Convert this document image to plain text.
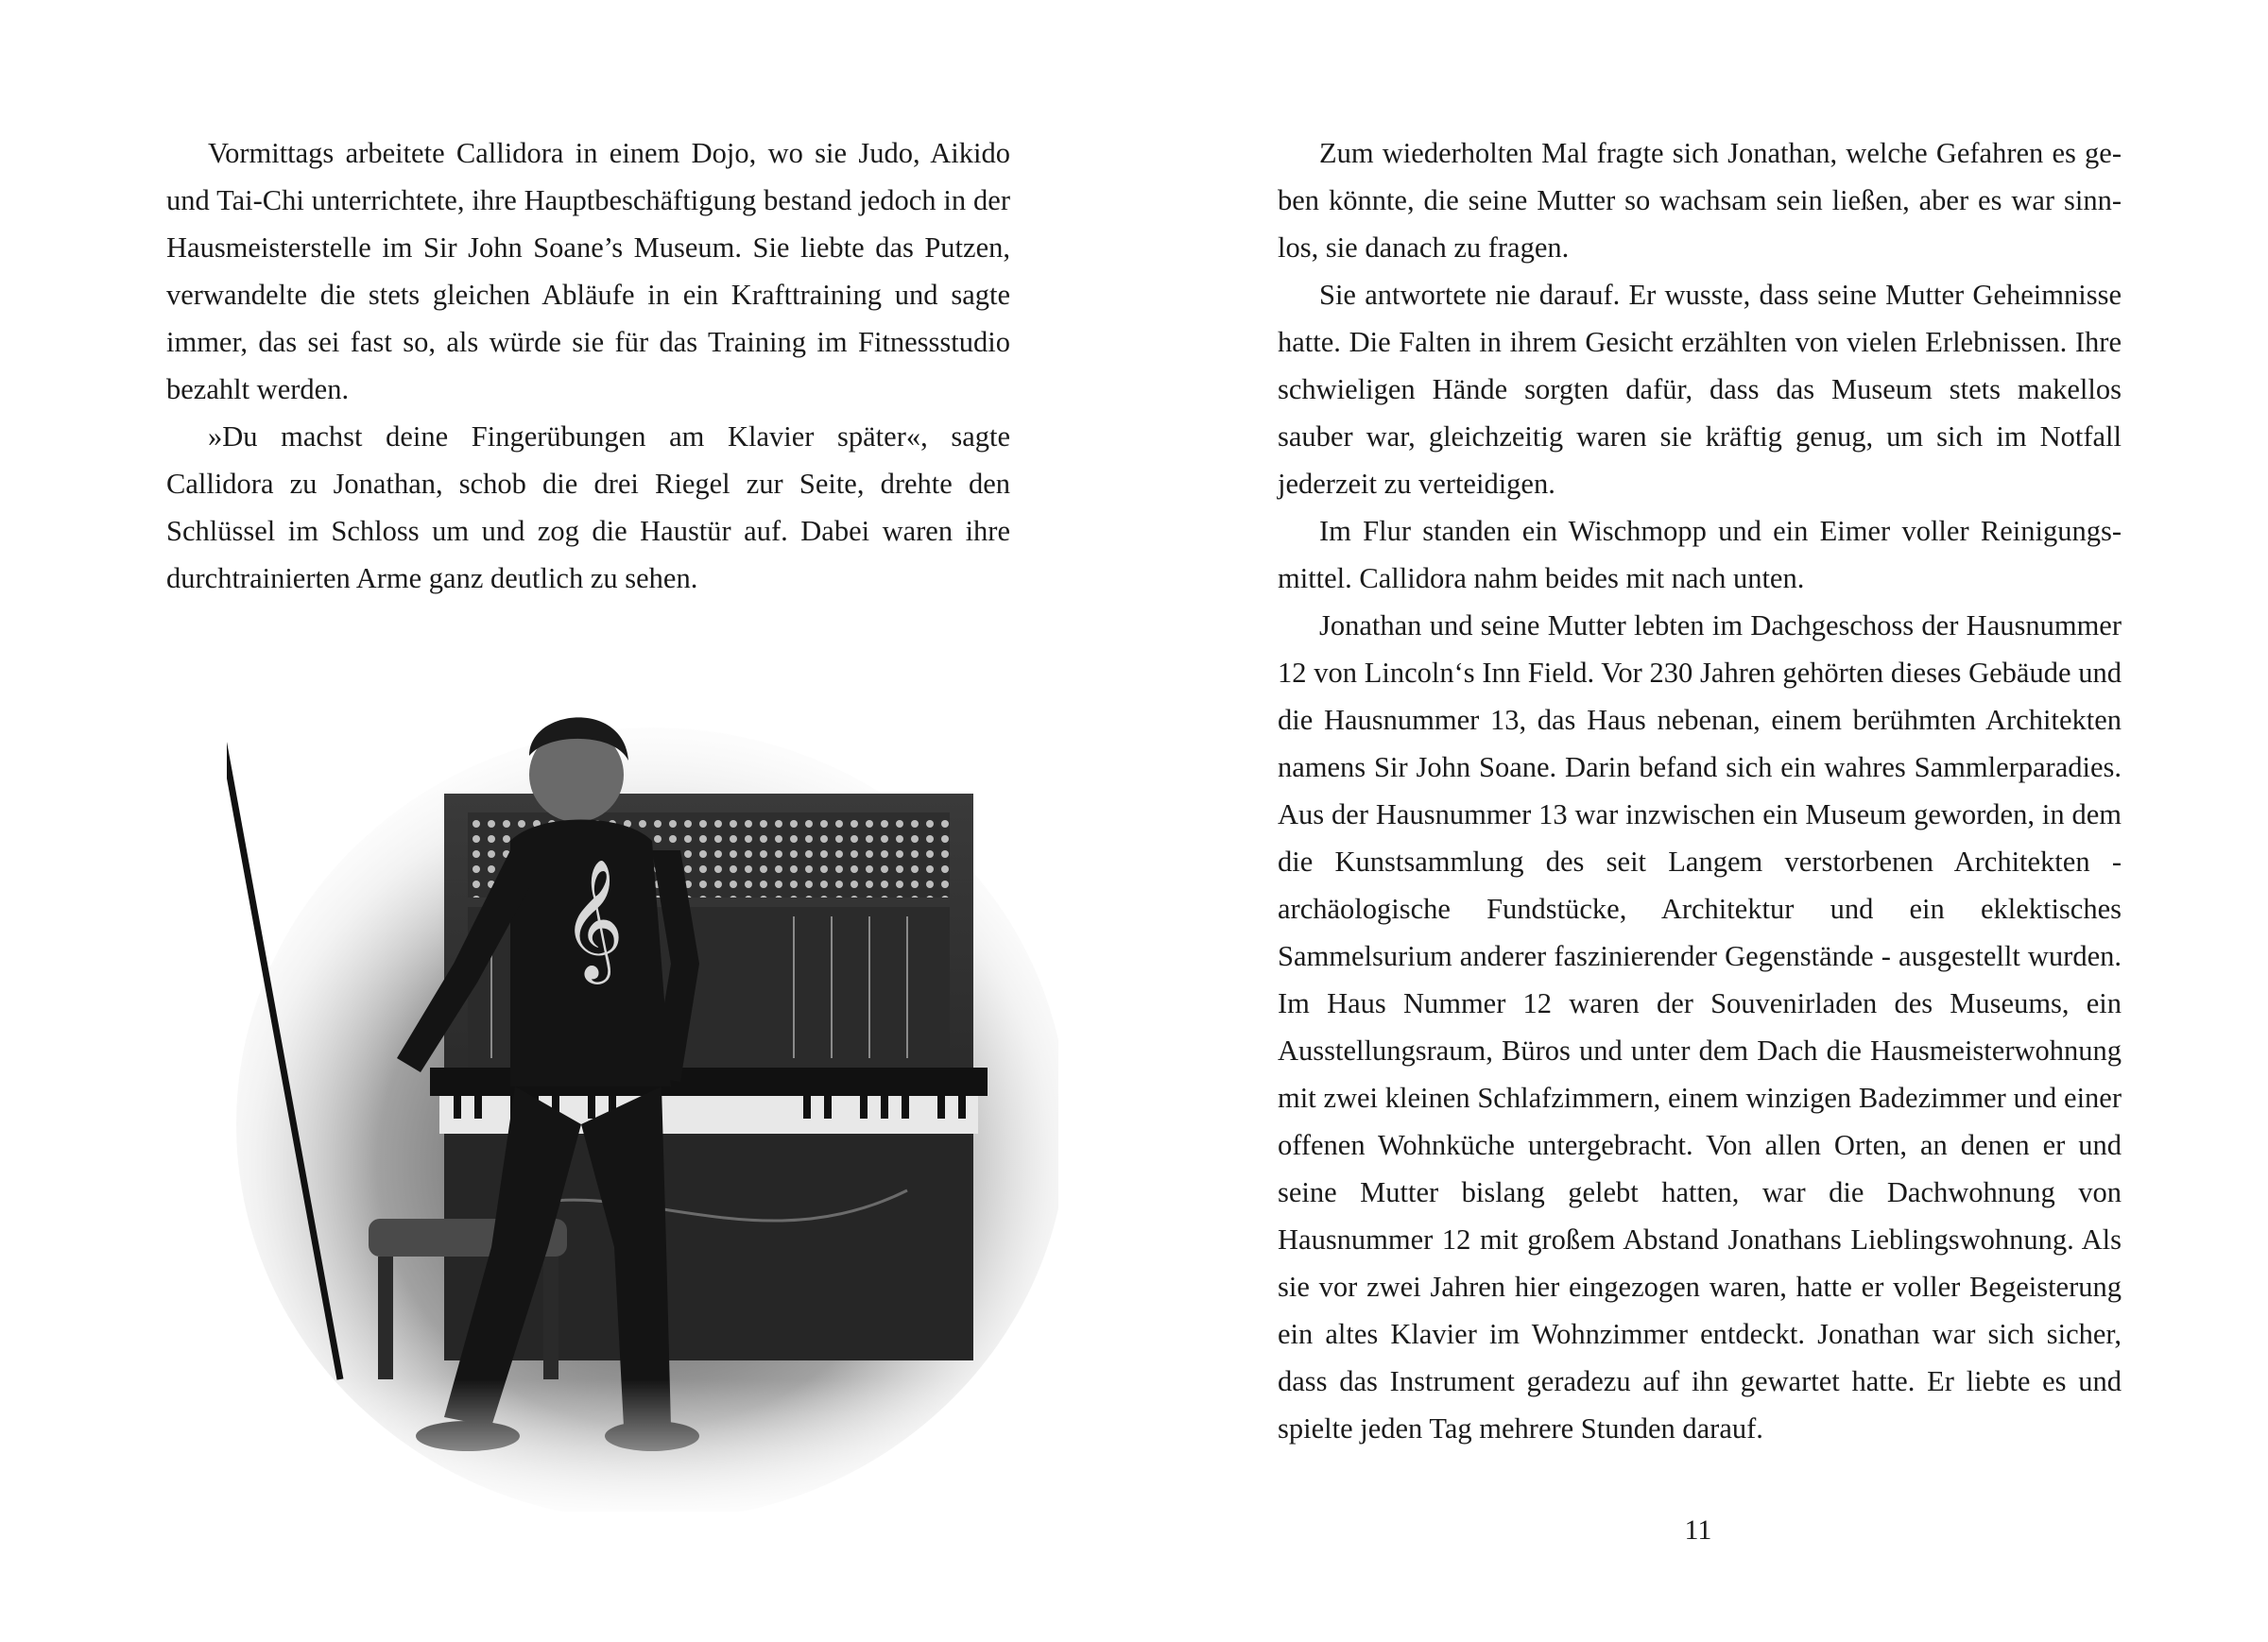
Vormittags arbeitete Callidora in einem Dojo, wo sie Judo, Aikido und Tai-Chi unterrichtete, ihre Hauptbeschäftigung bestand jedoch in der Hausmeisterstelle im Sir John Soane’s Museum. Sie liebte das Putzen, verwandelte die stets gleichen Abläufe in ein Krafttraining und sagte immer, das sei fast so, als würde sie für das Training im Fitnessstudio bezahlt werden.

»Du machst deine Fingerübungen am Klavier später«, sagte Callidora zu Jonathan, schob die drei Riegel zur Seite, drehte den Schlüssel im Schloss um und zog die Haustür auf. Dabei waren ihre durchtrainierten Arme ganz deutlich zu sehen.

𝄞

Zum wiederholten Mal fragte sich Jonathan, welche Gefahren es geben könnte, die seine Mutter so wachsam sein ließen, aber es war sinnlos, sie danach zu fragen.

Sie antwortete nie darauf. Er wusste, dass seine Mutter Geheimnisse hatte. Die Falten in ihrem Gesicht erzählten von vielen Erlebnissen. Ihre schwieligen Hände sorgten dafür, dass das Museum stets makellos sauber war, gleichzeitig waren sie kräftig genug, um sich im Notfall jederzeit zu verteidigen.

Im Flur standen ein Wischmopp und ein Eimer voller Reinigungsmittel. Callidora nahm beides mit nach unten.

Jonathan und seine Mutter lebten im Dachgeschoss der Hausnummer 12 von Lincoln‘s Inn Field. Vor 230 Jahren gehörten dieses Gebäude und die Hausnummer 13, das Haus nebenan, einem berühmten Architekten namens Sir John Soane. Darin befand sich ein wahres Sammlerparadies. Aus der Hausnummer 13 war inzwischen ein Museum geworden, in dem die Kunstsammlung des seit Langem verstorbenen Architekten - archäologische Fundstücke, Architektur und ein eklektisches Sammelsurium anderer faszinierender Gegenstände - ausgestellt wurden. Im Haus Nummer 12 waren der Souvenirladen des Museums, ein Ausstellungsraum, Büros und unter dem Dach die Hausmeisterwohnung mit zwei kleinen Schlafzimmern, einem winzigen Badezimmer und einer offenen Wohnküche untergebracht. Von allen Orten, an denen er und seine Mutter bislang gelebt hatten, war die Dachwohnung von Hausnummer 12 mit großem Abstand Jonathans Lieblingswohnung. Als sie vor zwei Jahren hier eingezogen waren, hatte er voller Begeisterung ein altes Klavier im Wohnzimmer entdeckt. Jonathan war sich sicher, dass das Instrument geradezu auf ihn gewartet hatte. Er liebte es und spielte jeden Tag mehrere Stunden darauf.

11
